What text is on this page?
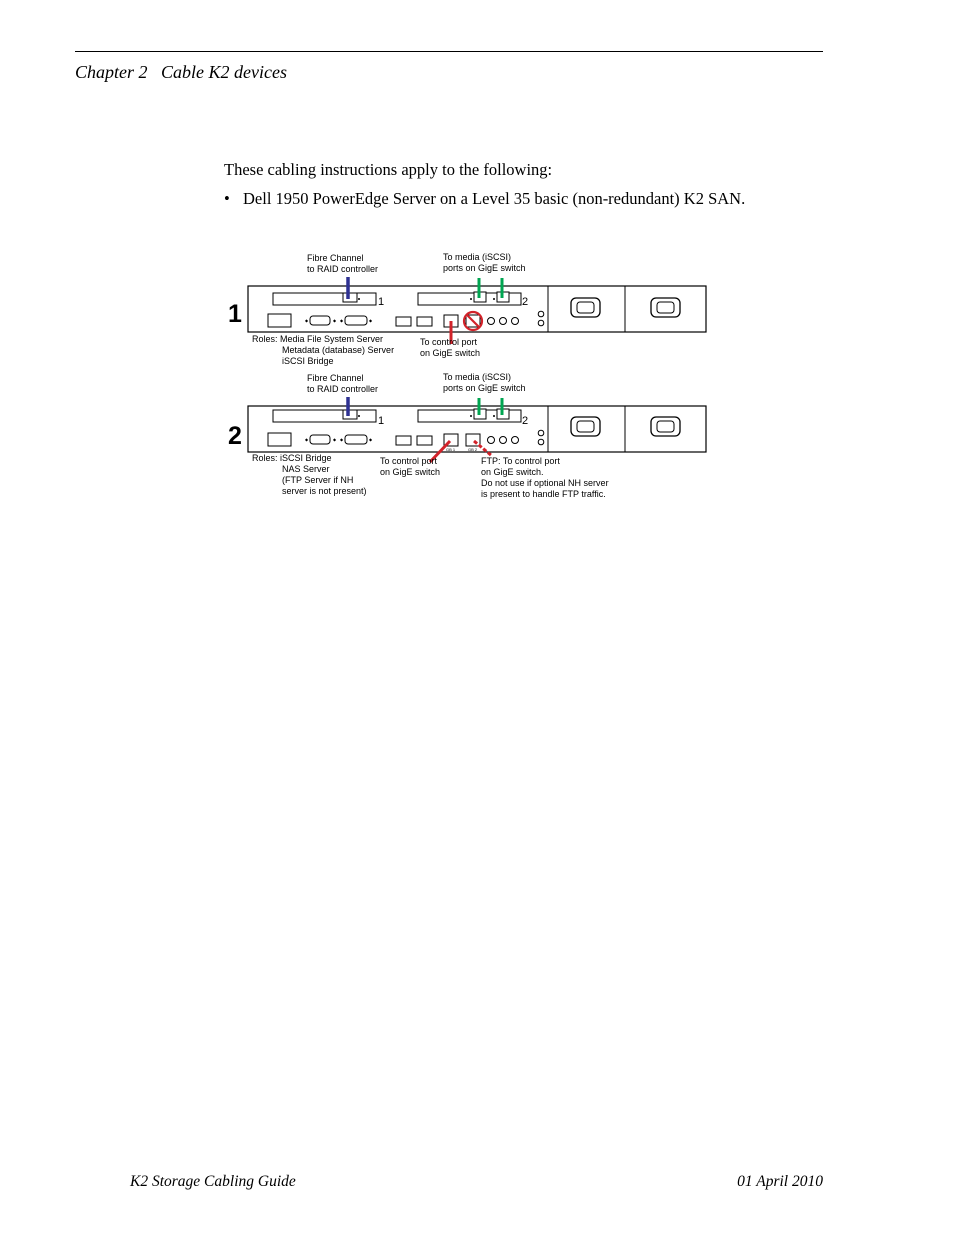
Chapter 2   Cable K2 devices
These cabling instructions apply to the following:
• Dell 1950 PowerEdge Server on a Level 35 basic (non-redundant) K2 SAN.
1
Fibre Channel
to RAID controller
To media (iSCSI)
ports on GigE switch
1	2
◆	◆ ◆	◆
Roles: Media File System Server
Metadata (database) Server
iSCSI Bridge
To control port
on GigE switch
2
Fibre Channel
to RAID controller
To media (iSCSI)
ports on GigE switch
1	2
◆	◆ ◆	◆
GB 1	GB 2
Roles: iSCSI Bridge
NAS Server
(FTP Server if NH
server is not present)
To control port
on GigE switch
FTP: To control port
on GigE switch.
Do not use if optional NH server
is present to handle FTP traffic.
K2 Storage Cabling Guide	01 April 2010
